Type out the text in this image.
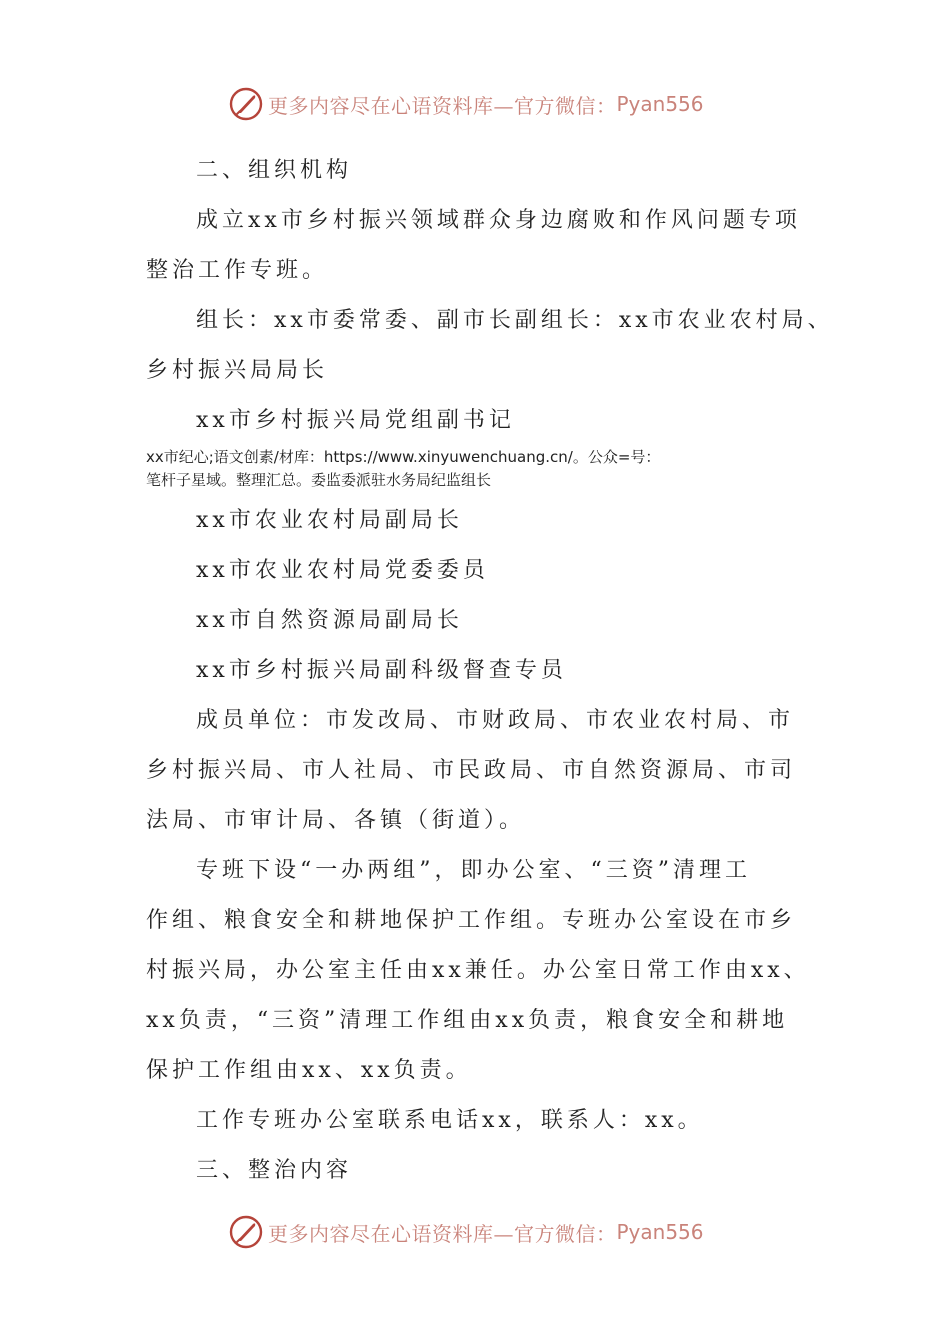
更多内容尽在心语资料库—官方微信： Pyan556
二、组织机构
成立xx市乡村振兴领域群众身边腐败和作风问题专项
整治工作专班。
组长：xx市委常委、副市长副组长：xx市农业农村局、
乡村振兴局局长
xx市乡村振兴局党组副书记
xx市纪心;语文创素/材库：https://www.xinyuwenchuang.cn/。公众=号：
笔杆子星域。整理汇总。委监委派驻水务局纪监组长
xx市农业农村局副局长
xx市农业农村局党委委员
xx市自然资源局副局长
xx市乡村振兴局副科级督查专员
成员单位：市发改局、市财政局、市农业农村局、市
乡村振兴局、市人社局、市民政局、市自然资源局、市司
法局、市审计局、各镇（街道）。
专班下设“一办两组”，即办公室、“三资”清理工
作组、粮食安全和耕地保护工作组。专班办公室设在市乡
村振兴局，办公室主任由xx兼任。办公室日常工作由xx、
xx负责，“三资”清理工作组由xx负责，粮食安全和耕地
保护工作组由xx、xx负责。
工作专班办公室联系电话xx，联系人：xx。
三、整治内容
更多内容尽在心语资料库—官方微信： Pyan556
